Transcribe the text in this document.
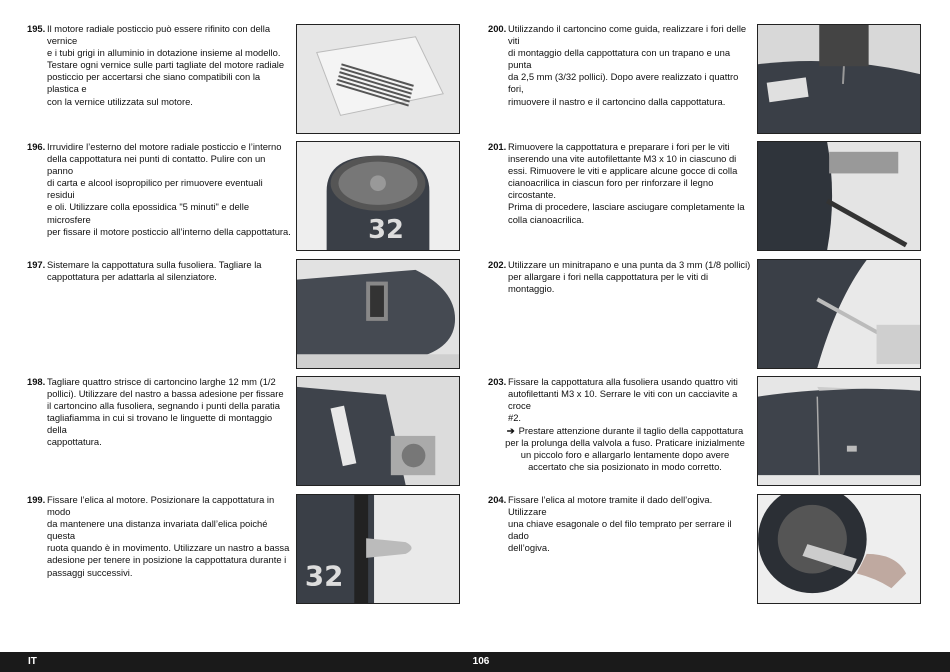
195. Il motore radiale posticcio può essere rifinito con della vernice

e i tubi grigi in alluminio in dotazione insieme al modello.

Testare ogni vernice sulle parti tagliate del motore radiale

posticcio per accertarsi che siano compatibili con la plastica e

con la vernice utilizzata sul motore.

196. Irruvidire l’esterno del motore radiale posticcio e l’interno

della cappottatura nei punti di contatto. Pulire con un panno

di carta e alcool isopropilico per rimuovere eventuali residui

e oli. Utilizzare colla epossidica "5 minuti" e delle microsfere

per fissare il motore posticcio all’interno della cappottatura.

197. Sistemare la cappottatura sulla fusoliera. Tagliare la

cappottatura per adattarla al silenziatore.

198. Tagliare quattro strisce di cartoncino larghe 12 mm (1/2

pollici). Utilizzare del nastro a bassa adesione per fissare

il cartoncino alla fusoliera, segnando i punti della paratia

tagliafiamma in cui si trovano le linguette di montaggio della

cappottatura.

199. Fissare l’elica al motore. Posizionare la cappottatura in modo

da mantenere una distanza invariata dall’elica poiché questa

ruota quando è in movimento. Utilizzare un nastro a bassa

adesione per tenere in posizione la cappottatura durante i

passaggi successivi.

200. Utilizzando il cartoncino come guida, realizzare i fori delle viti

di montaggio della cappottatura con un trapano e una punta

da 2,5 mm (3/32 pollici). Dopo avere realizzato i quattro fori,

rimuovere il nastro e il cartoncino dalla cappottatura.

201. Rimuovere la cappottatura e preparare i fori per le viti

inserendo una vite autofilettante M3 x 10 in ciascuno di

essi. Rimuovere le viti e applicare alcune gocce di colla

cianoacrilica in ciascun foro per rinforzare il legno circostante.

Prima di procedere, lasciare asciugare completamente la

colla cianoacrilica.

202. Utilizzare un minitrapano e una punta da 3 mm (1/8 pollici)

per allargare i fori nella cappottatura per le viti di montaggio.

203. Fissare la cappottatura alla fusoliera usando quattro viti

autofilettanti M3 x 10. Serrare le viti con un cacciavite a croce

#2.

➔ Prestare attenzione durante il taglio della cappottatura
per la prolunga della valvola a fuso. Praticare inizialmente
un piccolo foro e allargarlo lentamente dopo avere
accertato che sia posizionato in modo corretto.
204. Fissare l’elica al motore tramite il dado dell’ogiva. Utilizzare

una chiave esagonale o del filo temprato per serrare il dado

dell’ogiva.

32
32
IT	106
